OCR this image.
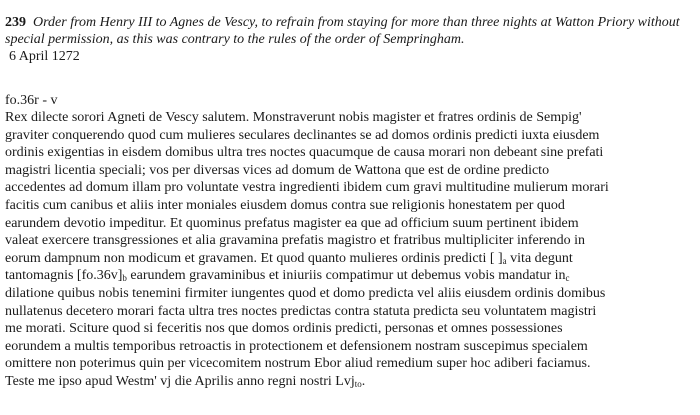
239 Order from Henry III to Agnes de Vescy, to refrain from staying for more than three nights at Watton Priory without
special permission, as this was contrary to the rules of the order of Sempringham.

6 April 1272

fo.36r - v

Rex dilecte sorori Agneti de Vescy salutem. Monstraverunt nobis magister et fratres ordinis de Sempig'
graviter conquerendo quod cum mulieres seculares declinantes se ad domos ordinis predicti iuxta eiusdem
ordinis exigentias in eisdem domibus ultra tres noctes quacumque de causa morari non debeant sine prefati
magistri licentia speciali; vos per diversas vices ad domum de Wattona que est de ordine predicto
accedentes ad domum illam pro voluntate vestra ingredienti ibidem cum gravi multitudine mulierum morari
facitis cum canibus et aliis inter moniales eiusdem domus contra sue religionis honestatem per quod
earundem devotio impeditur. Et quominus prefatus magister ea que ad officium suum pertinent ibidem
valeat exercere transgressiones et alia gravamina prefatis magistro et fratribus multipliciter inferendo in
eorum dampnum non modicum et gravamen. Et quod quanto mulieres ordinis predicti [ ]$_a$ vita degunt
tantomagnis $[fo.36v]_b$ earundem gravaminibus et iniuriis compatimur ut debemus vobis mandatur $in_c$
dilatione quibus nobis tenemini firmiter iungentes quod et domo predicta vel aliis eiusdem ordinis domibus
nullatenus decetero morari facta ultra tres noctes predictas contra statuta predicta seu voluntatem magistri
me morati. Sciture quod si feceritis nos que domos ordinis predicti, personas et omnes possessiones
eorundem a multis temporibus retroactis in protectionem et defensionem nostram suscepimus specialem
omittere non poterimus quin per vicecomitem nostrum Ebor aliud remedium super hoc adiberi faciamus.
Teste me ipso apud Westm' vj die Aprilis anno regni nostri Lvj$_{to}$.
